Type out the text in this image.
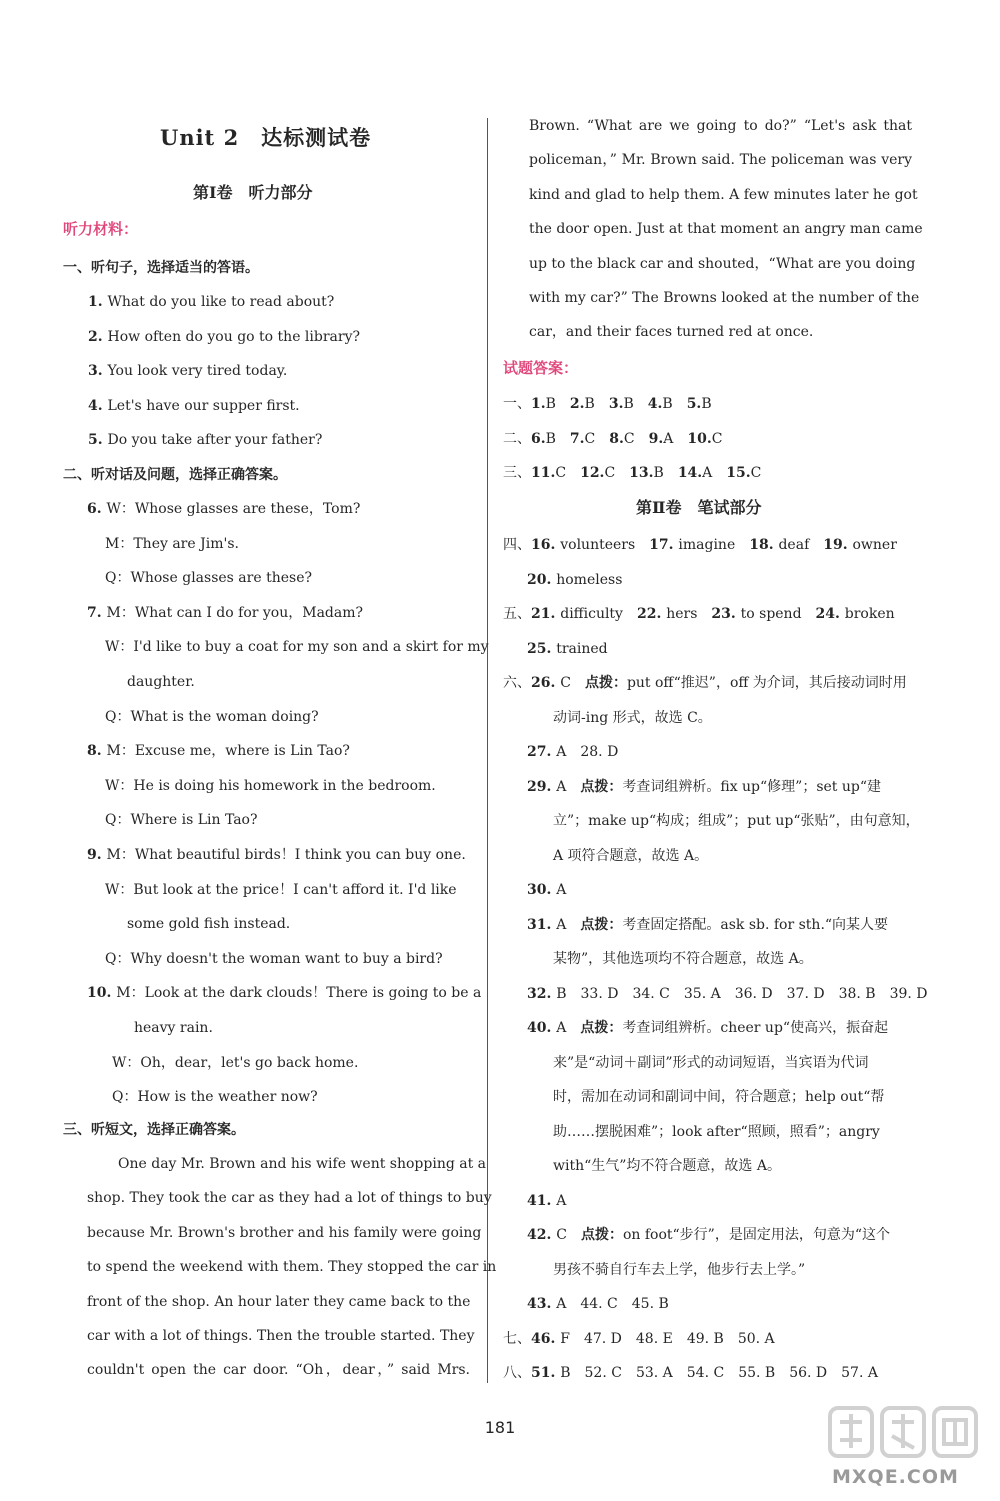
Unit 2　达标测试卷
第Ⅰ卷　听力部分
听力材料：
一、听句子，选择适当的答语。
1. What do you like to read about?
2. How often do you go to the library?
3. You look very tired today.
4. Let's have our supper first.
5. Do you take after your father?
二、听对话及问题，选择正确答案。
6. W：Whose glasses are these，Tom?
M：They are Jim's.
Q：Whose glasses are these?
7. M：What can I do for you，Madam?
W：I'd like to buy a coat for my son and a skirt for my
daughter.
Q：What is the woman doing?
8. M：Excuse me，where is Lin Tao?
W：He is doing his homework in the bedroom.
Q：Where is Lin Tao?
9. M：What beautiful birds！I think you can buy one.
W：But look at the price！I can't afford it. I'd like
some gold fish instead.
Q：Why doesn't the woman want to buy a bird?
10. M：Look at the dark clouds！There is going to be a
heavy rain.
W：Oh，dear，let's go back home.
Q：How is the weather now?
三、听短文，选择正确答案。
One day Mr. Brown and his wife went shopping at a
shop. They took the car as they had a lot of things to buy
because Mr. Brown's brother and his family were going
to spend the weekend with them. They stopped the car in
front of the shop. An hour later they came back to the
car with a lot of things. Then the trouble started. They
couldn't open the car door. “Oh，dear，” said Mrs.
Brown. “What are we going to do?” “Let's ask that
policeman，” Mr. Brown said. The policeman was very
kind and glad to help them. A few minutes later he got
the door open. Just at that moment an angry man came
up to the black car and shouted，“What are you doing
with my car?” The Browns looked at the number of the
car，and their faces turned red at once.
试题答案：
一、1.B　2.B　3.B　4.B　5.B
二、6.B　7.C　8.C　9.A　10.C
三、11.C　12.C　13.B　14.A　15.C
第Ⅱ卷　笔试部分
四、16. volunteers　17. imagine　18. deaf　19. owner
20. homeless
五、21. difficulty　22. hers　23. to spend　24. broken
25. trained
六、26. C　点拨：put off“推迟”，off 为介词，其后接动词时用
动词-ing 形式，故选 C。
27. A　28. D
29. A　点拨：考查词组辨析。fix up“修理”；set up“建
立”；make up“构成；组成”；put up“张贴”，由句意知，
A 项符合题意，故选 A。
30. A
31. A　点拨：考查固定搭配。ask sb. for sth.“向某人要
某物”，其他选项均不符合题意，故选 A。
32. B　33. D　34. C　35. A　36. D　37. D　38. B　39. D
40. A　点拨：考查词组辨析。cheer up“使高兴，振奋起
来”是“动词＋副词”形式的动词短语，当宾语为代词
时，需加在动词和副词中间，符合题意；help out“帮
助……摆脱困难”；look after“照顾，照看”；angry
with“生气”均不符合题意，故选 A。
41. A
42. C　点拨：on foot“步行”，是固定用法，句意为“这个
男孩不骑自行车去上学，他步行去上学。”
43. A　44. C　45. B
七、46. F　47. D　48. E　49. B　50. A
八、51. B　52. C　53. A　54. C　55. B　56. D　57. A
181
MXQE.COM
